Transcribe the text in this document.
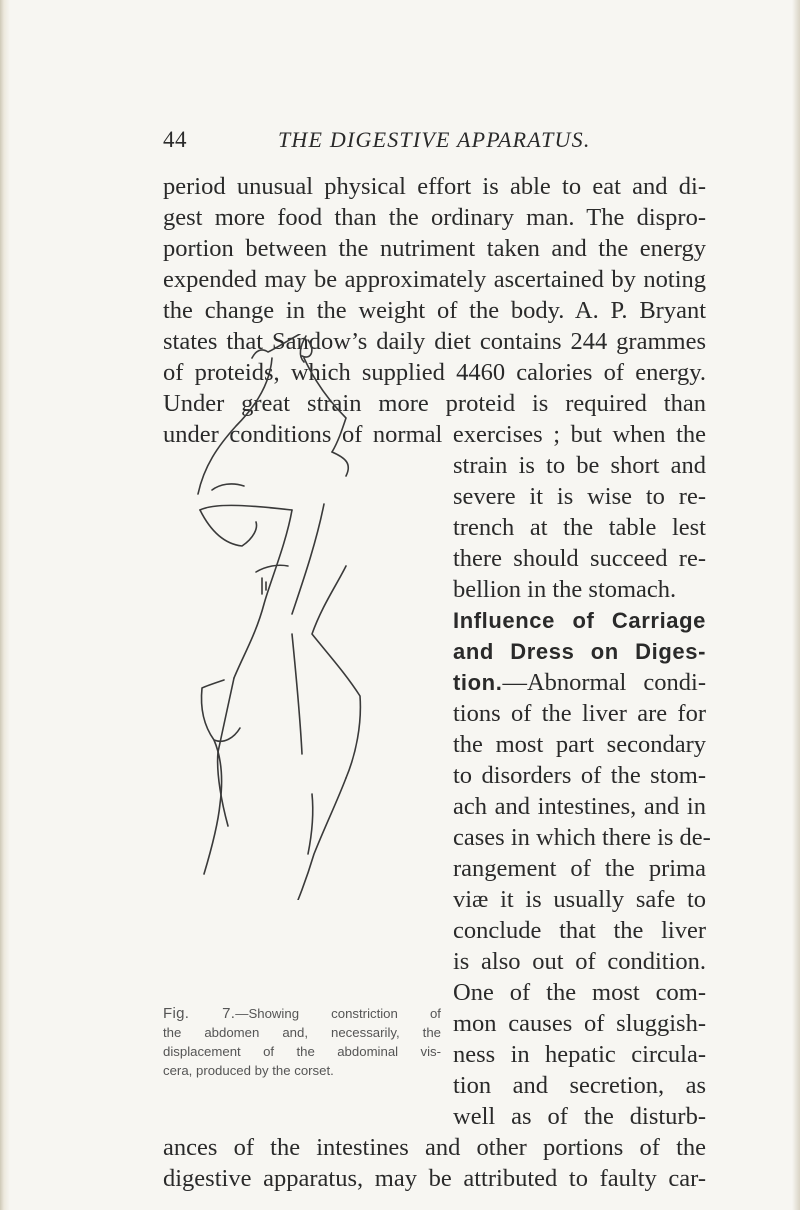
44	THE DIGESTIVE APPARATUS.
period unusual physical effort is able to eat and di-
gest more food than the ordinary man. The dispro-
portion between the nutriment taken and the energy
expended may be approximately ascertained by noting
the change in the weight of the body. A. P. Bryant
states that Sandow’s daily diet contains 244 grammes
of proteids, which supplied 4460 calories of energy.
Under great strain more proteid is required than
under conditions of normal exercises ; but when the
strain is to be short and
severe it is wise to re-
trench at the table lest
there should succeed re-
bellion in the stomach.
Influence of Carriage
and Dress on Diges-
tion.—Abnormal condi-
tions of the liver are for
the most part secondary
to disorders of the stom-
ach and intestines, and in
cases in which there is de-
rangement of the prima
viæ it is usually safe to
conclude that the liver
is also out of condition.
One of the most com-
mon causes of sluggish-
ness in hepatic circula-
tion and secretion, as
well as of the disturb-
ances of the intestines and other portions of the
digestive apparatus, may be attributed to faulty car-
Fig. 7.—Showing constriction of
the abdomen and, necessarily, the
displacement of the abdominal vis-
cera, produced by the corset.
